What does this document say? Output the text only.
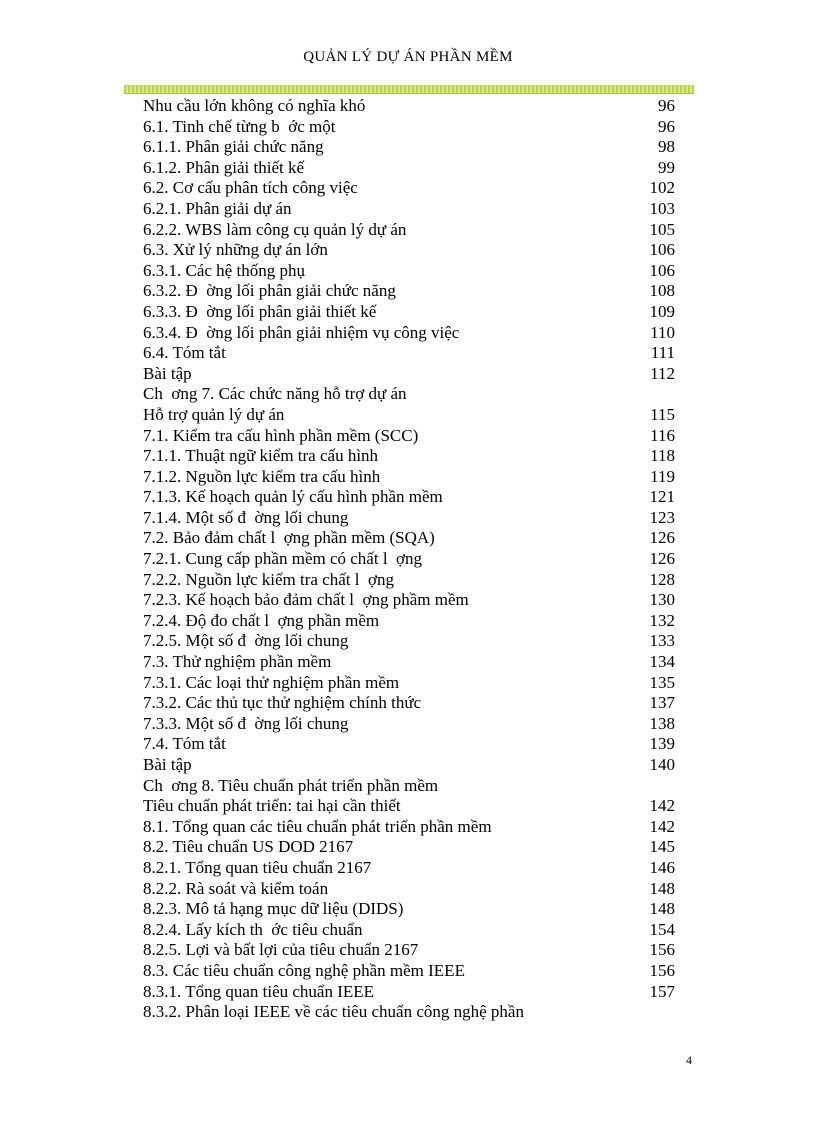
QUẢN LÝ DỰ ÁN PHẦN MỀM
Nhu cầu lớn không có nghĩa khó	96
6.1. Tinh chế từng b  ớc một	96
6.1.1. Phân giải chức năng	98
6.1.2. Phân giải thiết kế	99
6.2. Cơ cấu phân tích công việc	102
6.2.1. Phân giải dự án	103
6.2.2. WBS làm công cụ quản lý dự án	105
6.3. Xử lý những dự án lớn	106
6.3.1. Các hệ thống phụ	106
6.3.2. Đ  ờng lối phân giải chức năng	108
6.3.3. Đ  ờng lối phân giải thiết kế	109
6.3.4. Đ  ờng lối phân giải nhiệm vụ công việc	110
6.4. Tóm tắt	111
Bài tập	112
Ch  ơng 7. Các chức năng hỗ trợ dự án
Hỗ trợ quản lý dự án	115
7.1. Kiểm tra cấu hình phần mềm (SCC)	116
7.1.1. Thuật ngữ kiểm tra cấu hình	118
7.1.2. Nguồn lực kiểm tra cấu hình	119
7.1.3. Kế hoạch quản lý cấu hình phần mềm	121
7.1.4. Một số đ  ờng lối chung	123
7.2. Bảo đảm chất l  ợng phần mềm (SQA)	126
7.2.1. Cung cấp phần mềm có chất l  ợng	126
7.2.2. Nguồn lực kiểm tra chất l  ợng	128
7.2.3. Kế hoạch bảo đảm chất l  ợng phầm mềm	130
7.2.4. Độ đo chất l  ợng phần mềm	132
7.2.5. Một số đ  ờng lối chung	133
7.3. Thử nghiệm phần mềm	134
7.3.1. Các loại thử nghiệm phần mềm	135
7.3.2. Các thủ tục thử nghiệm chính thức	137
7.3.3. Một số đ  ờng lối chung	138
7.4. Tóm tắt	139
Bài tập	140
Ch  ơng 8. Tiêu chuẩn phát triển phần mềm
Tiêu chuẩn phát triển: tai hại cần thiết	142
8.1. Tổng quan các tiêu chuẩn phát triển phần mềm	142
8.2. Tiêu chuẩn US DOD 2167	145
8.2.1. Tổng quan tiêu chuẩn 2167	146
8.2.2. Rà soát và kiểm toán	148
8.2.3. Mô tả hạng mục dữ liệu (DIDS)	148
8.2.4. Lấy kích th  ớc tiêu chuẩn	154
8.2.5. Lợi và bất lợi của tiêu chuẩn 2167	156
8.3. Các tiêu chuẩn công nghệ phần mềm IEEE	156
8.3.1. Tổng quan tiêu chuẩn IEEE	157
8.3.2. Phân loại IEEE về các tiêu chuẩn công nghệ phần
4
